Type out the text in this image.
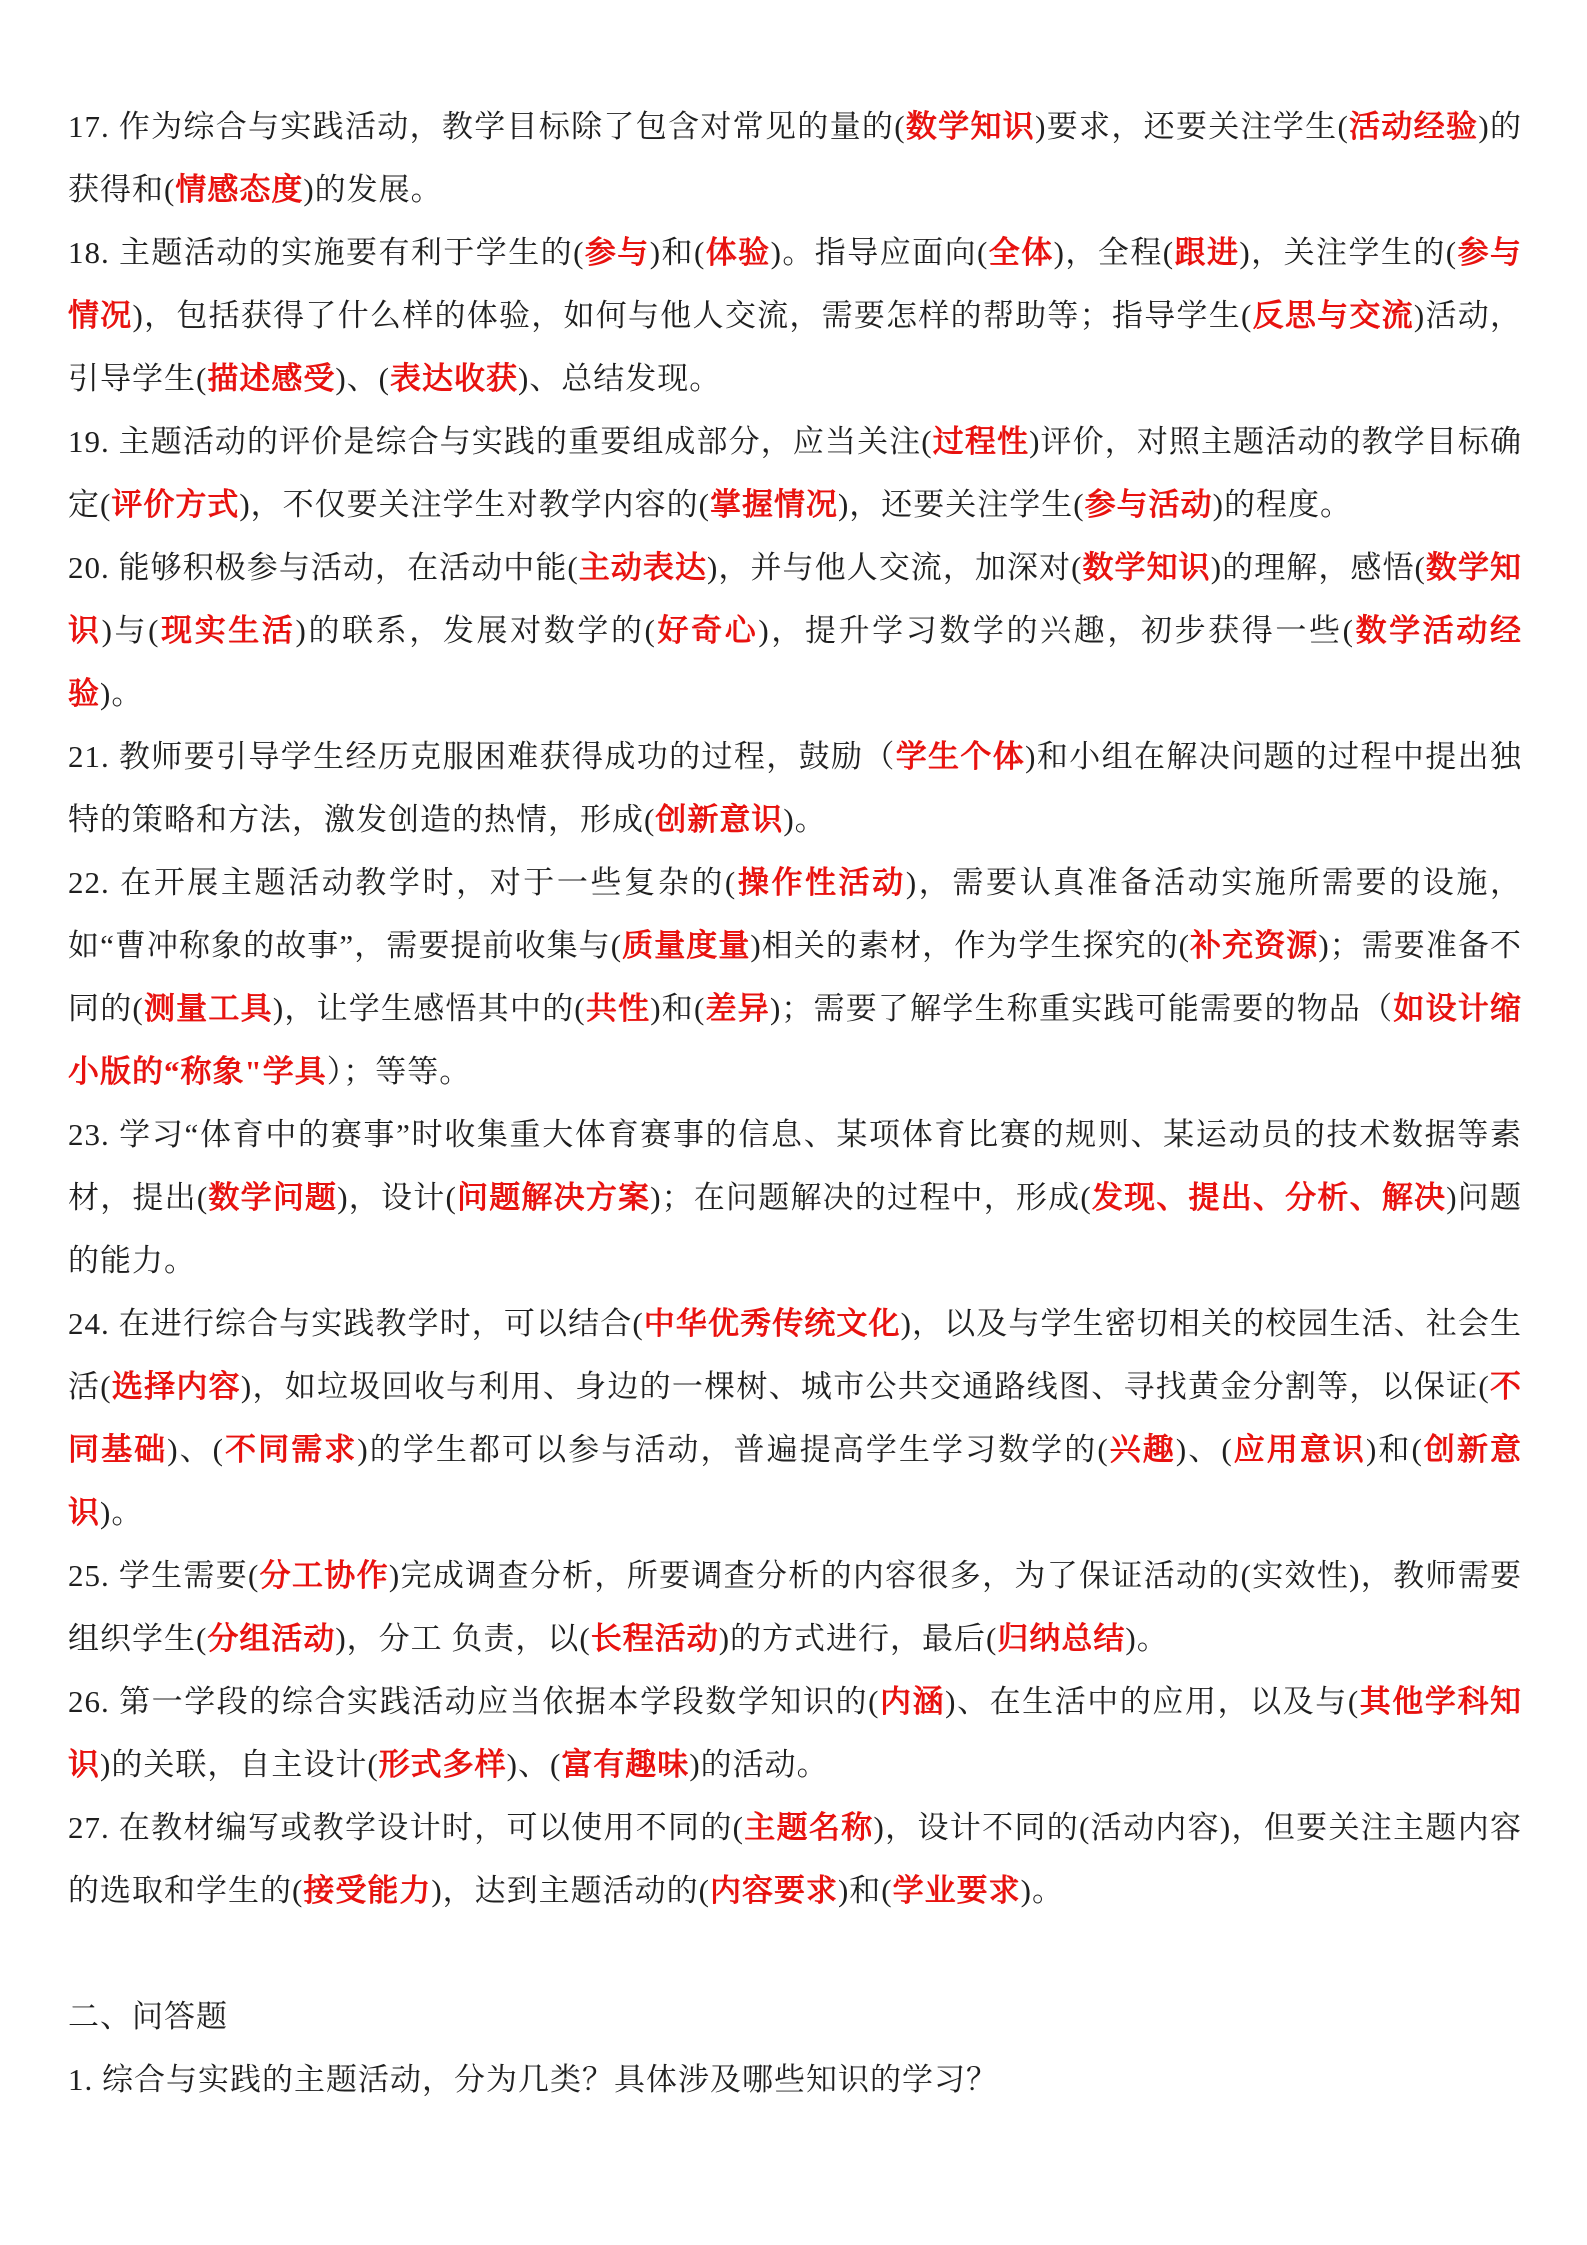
17. 作为综合与实践活动，教学目标除了包含对常见的量的(数学知识)要求，还要关注学生(活动经验)的获得和(情感态度)的发展。

18. 主题活动的实施要有利于学生的(参与)和(体验)。指导应面向(全体)，全程(跟进)，关注学生的(参与情况)，包括获得了什么样的体验，如何与他人交流，需要怎样的帮助等；指导学生(反思与交流)活动，引导学生(描述感受)、(表达收获)、总结发现。

19. 主题活动的评价是综合与实践的重要组成部分，应当关注(过程性)评价，对照主题活动的教学目标确定(评价方式)，不仅要关注学生对教学内容的(掌握情况)，还要关注学生(参与活动)的程度。

20. 能够积极参与活动，在活动中能(主动表达)，并与他人交流，加深对(数学知识)的理解，感悟(数学知识)与(现实生活)的联系，发展对数学的(好奇心)，提升学习数学的兴趣，初步获得一些(数学活动经验)。

21. 教师要引导学生经历克服困难获得成功的过程，鼓励（学生个体)和小组在解决问题的过程中提出独特的策略和方法，激发创造的热情，形成(创新意识)。

22. 在开展主题活动教学时，对于一些复杂的(操作性活动)，需要认真准备活动实施所需要的设施，如“曹冲称象的故事”，需要提前收集与(质量度量)相关的素材，作为学生探究的(补充资源)；需要准备不同的(测量工具)，让学生感悟其中的(共性)和(差异)；需要了解学生称重实践可能需要的物品（如设计缩小版的“称象"学具）；等等。

23. 学习“体育中的赛事”时收集重大体育赛事的信息、某项体育比赛的规则、某运动员的技术数据等素材，提出(数学问题)，设计(问题解决方案)；在问题解决的过程中，形成(发现、提出、分析、解决)问题的能力。

24. 在进行综合与实践教学时，可以结合(中华优秀传统文化)，以及与学生密切相关的校园生活、社会生活(选择内容)，如垃圾回收与利用、身边的一棵树、城市公共交通路线图、寻找黄金分割等，以保证(不同基础)、(不同需求)的学生都可以参与活动，普遍提高学生学习数学的(兴趣)、(应用意识)和(创新意识)。

25. 学生需要(分工协作)完成调查分析，所要调查分析的内容很多，为了保证活动的(实效性)，教师需要组织学生(分组活动)，分工 负责，以(长程活动)的方式进行，最后(归纳总结)。

26. 第一学段的综合实践活动应当依据本学段数学知识的(内涵)、在生活中的应用，以及与(其他学科知识)的关联，自主设计(形式多样)、(富有趣味)的活动。

27. 在教材编写或教学设计时，可以使用不同的(主题名称)，设计不同的(活动内容)，但要关注主题内容的选取和学生的(接受能力)，达到主题活动的(内容要求)和(学业要求)。

二、问答题

1. 综合与实践的主题活动，分为几类？具体涉及哪些知识的学习？
